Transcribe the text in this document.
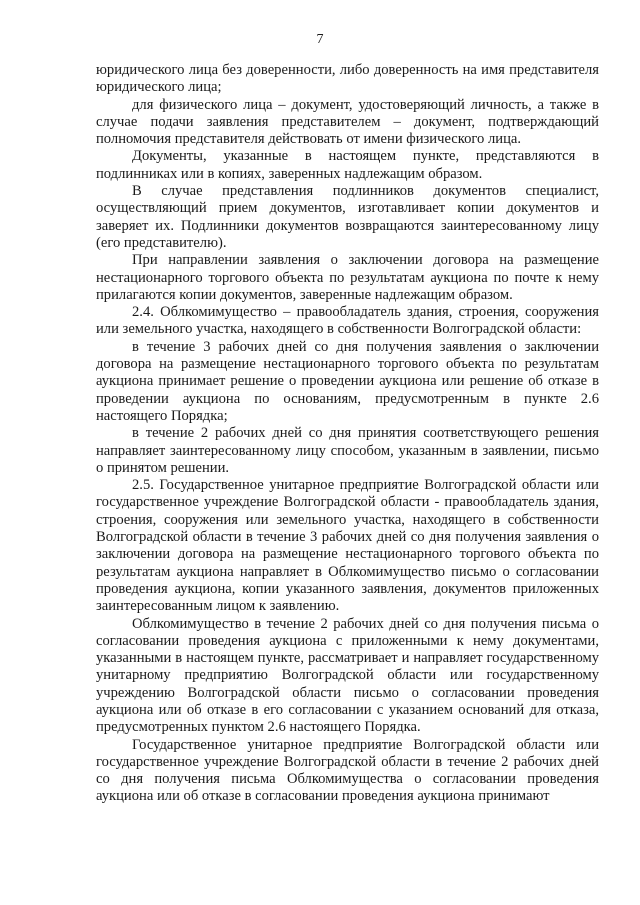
7

юридического лица без доверенности, либо доверенность на имя представителя юридического лица;

для физического лица – документ, удостоверяющий личность, а также в случае подачи заявления представителем – документ, подтверждающий полномочия представителя действовать от имени физического лица.

Документы, указанные в настоящем пункте, представляются в подлинниках или в копиях, заверенных надлежащим образом.

В случае представления подлинников документов специалист, осуществляющий прием документов, изготавливает копии документов и заверяет их. Подлинники документов возвращаются заинтересованному лицу (его представителю).

При направлении заявления о заключении договора на размещение нестационарного торгового объекта по результатам аукциона по почте к нему прилагаются копии документов, заверенные надлежащим образом.

2.4. Облкомимущество – правообладатель здания, строения, сооружения или земельного участка, находящего в собственности Волгоградской области:

в течение 3 рабочих дней со дня получения заявления о заключении договора на размещение нестационарного торгового объекта по результатам аукциона принимает решение о проведении аукциона или решение об отказе в проведении аукциона по основаниям, предусмотренным в пункте 2.6 настоящего Порядка;

в течение 2 рабочих дней со дня принятия соответствующего решения направляет заинтересованному лицу способом, указанным в заявлении, письмо о принятом решении.

2.5. Государственное унитарное предприятие Волгоградской области или государственное учреждение Волгоградской области - правообладатель здания, строения, сооружения или земельного участка, находящего в собственности Волгоградской области в течение 3 рабочих дней со дня получения заявления о заключении договора на размещение нестационарного торгового объекта по результатам аукциона направляет в Облкомимущество письмо о согласовании проведения аукциона, копии указанного заявления, документов приложенных заинтересованным лицом к заявлению.

Облкомимущество в течение 2 рабочих дней со дня получения письма о согласовании проведения аукциона с приложенными к нему документами, указанными в настоящем пункте, рассматривает и направляет государственному унитарному предприятию Волгоградской области или государственному учреждению Волгоградской области письмо о согласовании проведения аукциона или об отказе в его согласовании с указанием оснований для отказа, предусмотренных пунктом 2.6 настоящего Порядка.

Государственное унитарное предприятие Волгоградской области или государственное учреждение Волгоградской области в течение 2 рабочих дней со дня получения письма Облкомимущества о согласовании проведения аукциона или об отказе в согласовании проведения аукциона принимают
